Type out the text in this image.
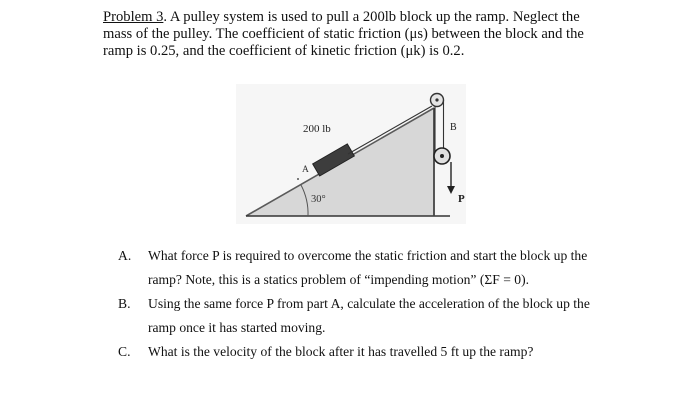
Problem 3. A pulley system is used to pull a 200lb block up the ramp. Neglect the mass of the pulley. The coefficient of static friction (μs) between the block and the ramp is 0.25, and the coefficient of kinetic friction (μk) is 0.2.

30°
200 lb
A
P
B
A. What force P is required to overcome the static friction and start the block up the ramp? Note, this is a statics problem of “impending motion” (ΣF = 0).
B. Using the same force P from part A, calculate the acceleration of the block up the ramp once it has started moving.
C. What is the velocity of the block after it has travelled 5 ft up the ramp?
